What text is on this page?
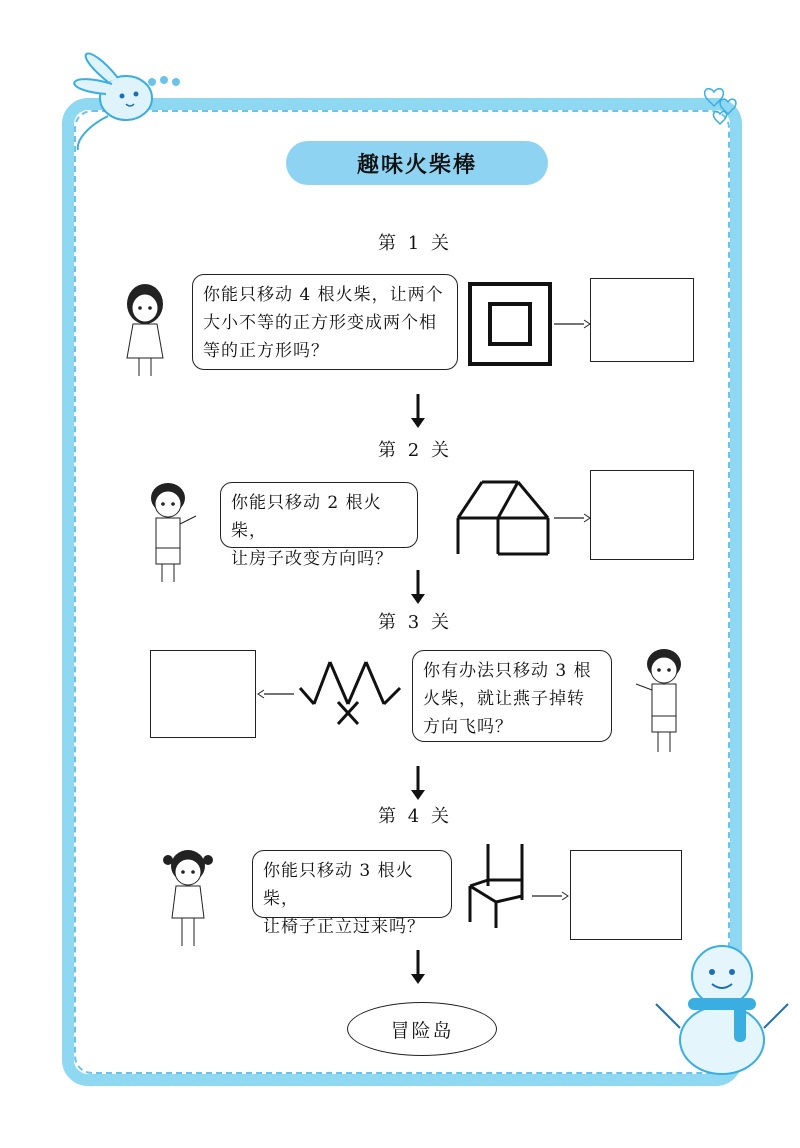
趣味火柴棒
第 1 关
你能只移动 4 根火柴，让两个
大小不等的正方形变成两个相
等的正方形吗？
第 2 关
你能只移动 2 根火柴，
让房子改变方向吗？
第 3 关
你有办法只移动 3 根
火柴，就让燕子掉转
方向飞吗？
第 4 关
你能只移动 3 根火柴，
让椅子正立过来吗？
冒险岛
